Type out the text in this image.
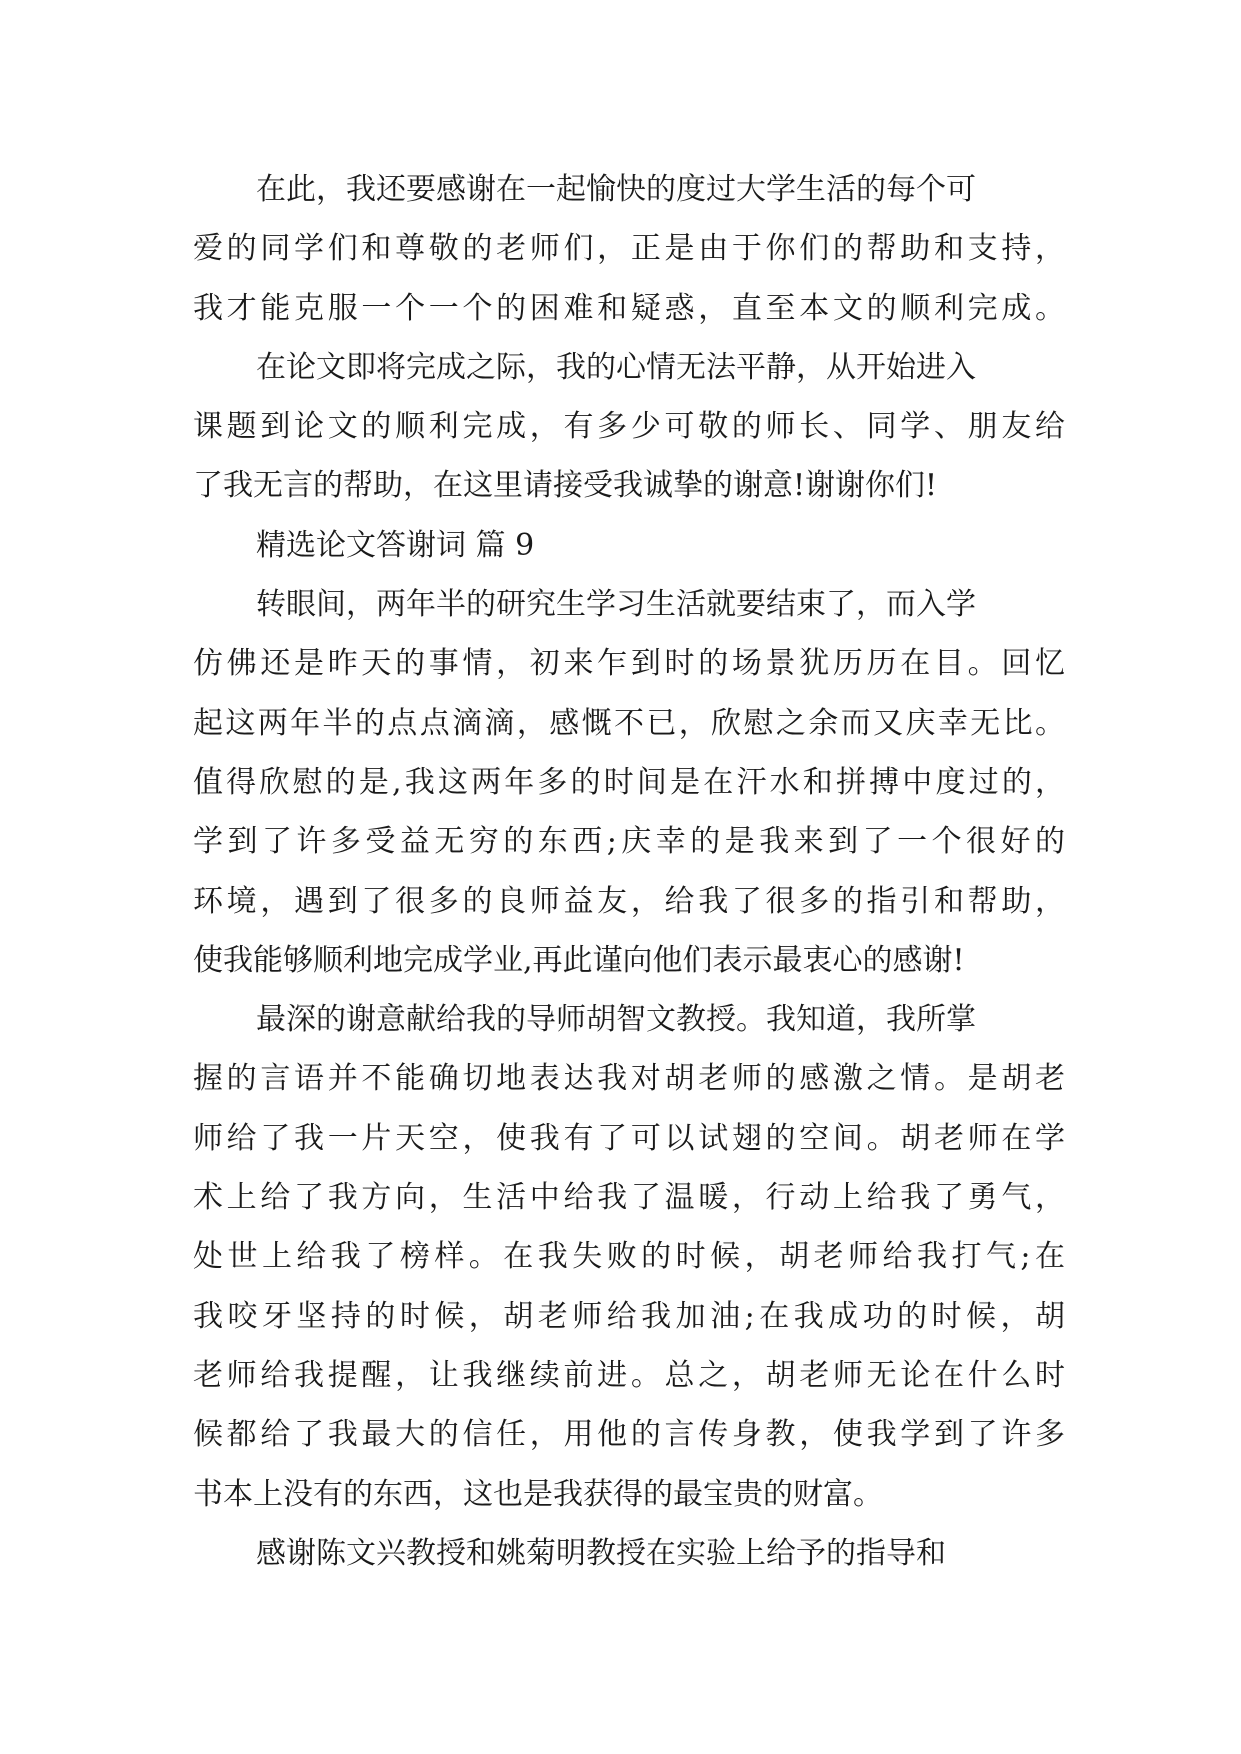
在此，我还要感谢在一起愉快的度过大学生活的每个可
爱的同学们和尊敬的老师们，正是由于你们的帮助和支持，
我才能克服一个一个的困难和疑惑，直至本文的顺利完成。
在论文即将完成之际，我的心情无法平静，从开始进入
课题到论文的顺利完成，有多少可敬的师长、同学、朋友给
了我无言的帮助，在这里请接受我诚挚的谢意!谢谢你们!
精选论文答谢词 篇 9
转眼间，两年半的研究生学习生活就要结束了，而入学
仿佛还是昨天的事情，初来乍到时的场景犹历历在目。回忆
起这两年半的点点滴滴，感慨不已，欣慰之余而又庆幸无比。
值得欣慰的是,我这两年多的时间是在汗水和拼搏中度过的，
学到了许多受益无穷的东西;庆幸的是我来到了一个很好的
环境，遇到了很多的良师益友，给我了很多的指引和帮助，
使我能够顺利地完成学业,再此谨向他们表示最衷心的感谢!
最深的谢意献给我的导师胡智文教授。我知道，我所掌
握的言语并不能确切地表达我对胡老师的感激之情。是胡老
师给了我一片天空，使我有了可以试翅的空间。胡老师在学
术上给了我方向，生活中给我了温暖，行动上给我了勇气，
处世上给我了榜样。在我失败的时候，胡老师给我打气;在
我咬牙坚持的时候，胡老师给我加油;在我成功的时候，胡
老师给我提醒，让我继续前进。总之，胡老师无论在什么时
候都给了我最大的信任，用他的言传身教，使我学到了许多
书本上没有的东西，这也是我获得的最宝贵的财富。
感谢陈文兴教授和姚菊明教授在实验上给予的指导和
